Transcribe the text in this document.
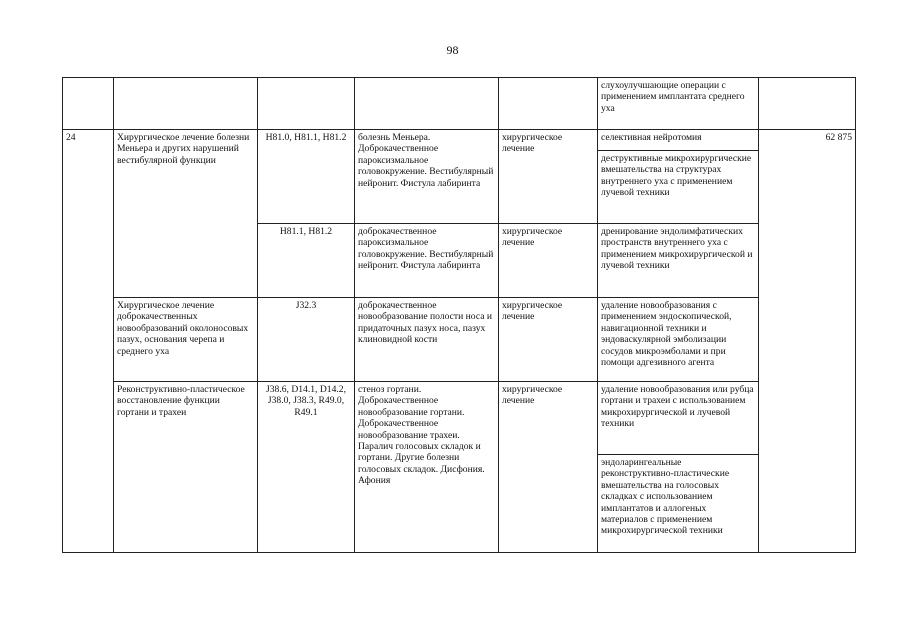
98
					слухоулучшающие операции с применением имплантата среднего уха	
24	Хирургическое лечение болезни Меньера и других нарушений вестибулярной функции	H81.0, H81.1, H81.2	болезнь Меньера. Доброкачественное пароксизмальное головокружение. Вестибулярный нейронит. Фистула лабиринта	хирургическое лечение	селективная нейротомия	62 875
					деструктивные микрохирургические вмешательства на структурах внутреннего уха с применением лучевой техники	
		H81.1, H81.2	доброкачественное пароксизмальное головокружение. Вестибулярный нейронит. Фистула лабиринта	хирургическое лечение	дренирование эндолимфатических пространств внутреннего уха с применением микрохирургической и лучевой техники	
	Хирургическое лечение доброкачественных новообразований околоносовых пазух, основания черепа и среднего уха	J32.3	доброкачественное новообразование полости носа и придаточных пазух носа, пазух клиновидной кости	хирургическое лечение	удаление новообразования с применением эндоскопической, навигационной техники и эндоваскулярной эмболизации сосудов микроэмболами и при помощи адгезивного агента	
	Реконструктивно-пластическое восстановление функции гортани и трахеи	J38.6, D14.1, D14.2, J38.0, J38.3, R49.0, R49.1	стеноз гортани. Доброкачественное новообразование гортани. Доброкачественное новообразование трахеи. Паралич голосовых складок и гортани. Другие болезни голосовых складок. Дисфония. Афония	хирургическое лечение	удаление новообразования или рубца гортани и трахеи с использованием микрохирургической и лучевой техники	
					эндоларингеальные реконструктивно-пластические вмешательства на голосовых складках с использованием имплантатов и аллогеных материалов с применением микрохирургической техники	
